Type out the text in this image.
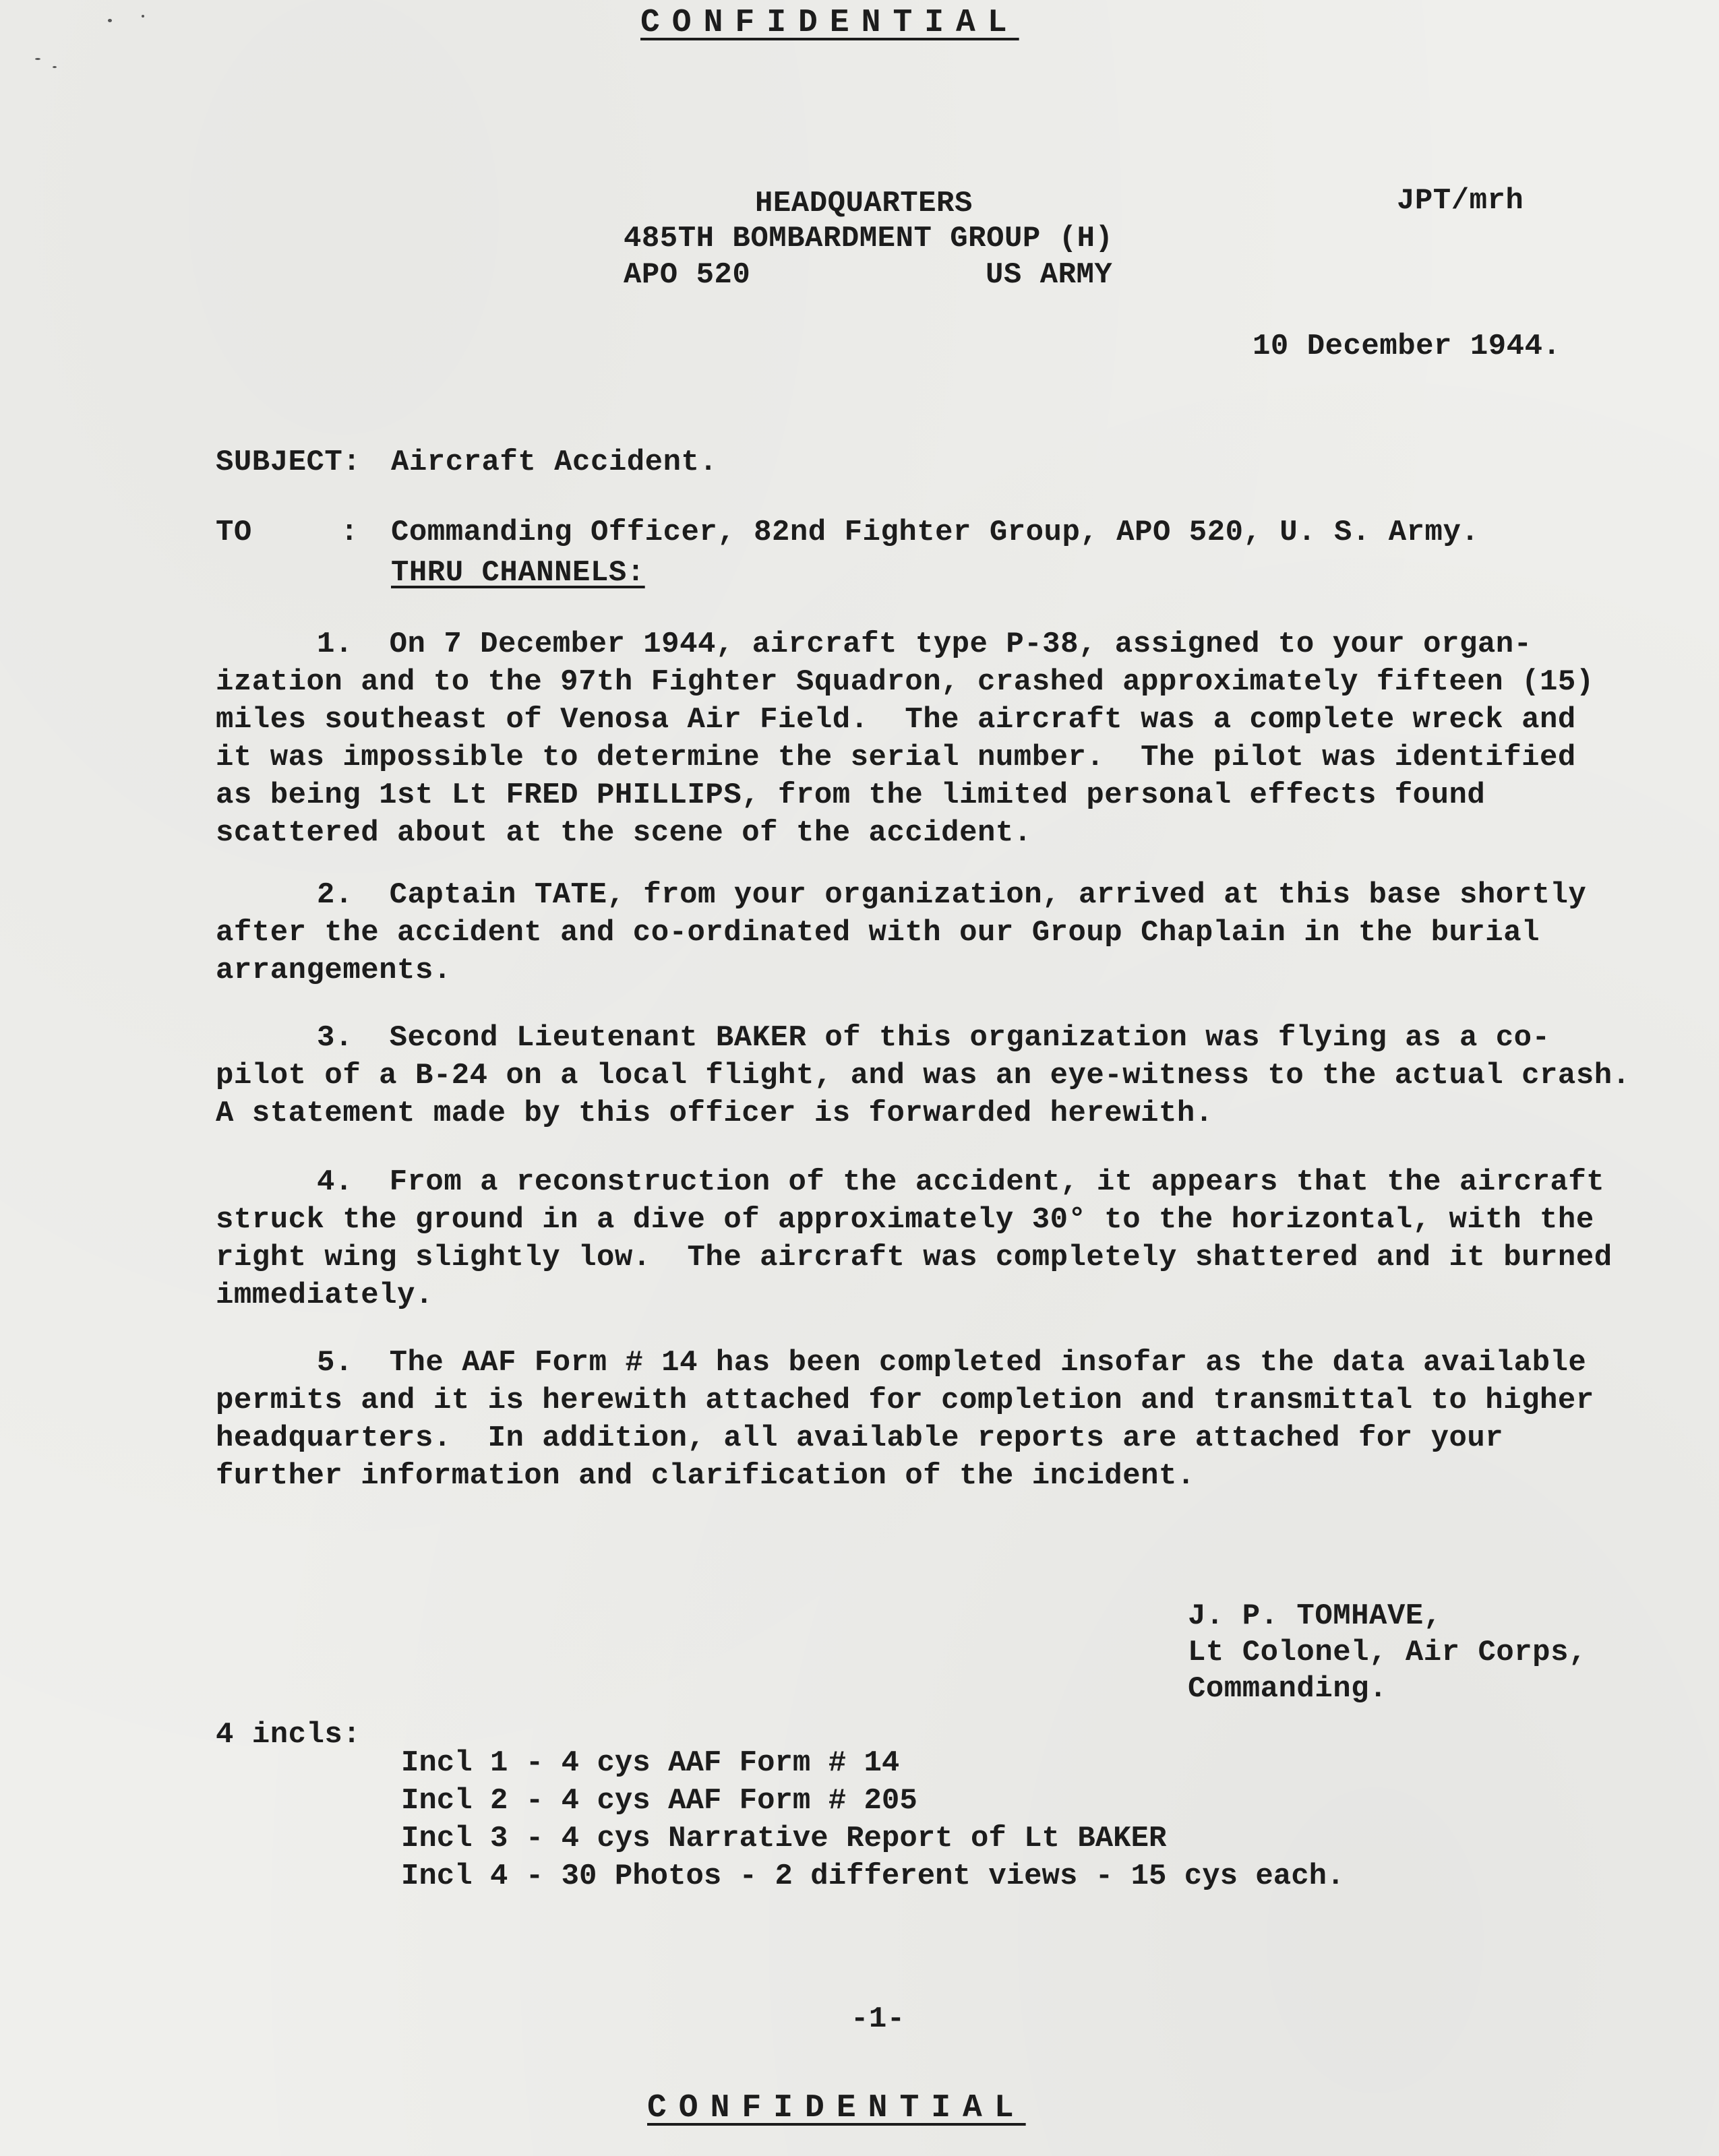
CONFIDENTIAL
HEADQUARTERS
485TH BOMBARDMENT GROUP (H)
APO 520	US ARMY
JPT/mrh
10 December 1944.
SUBJECT: Aircraft Accident.
TO	: Commanding Officer, 82nd Fighter Group, APO 520, U. S. Army.
THRU CHANNELS:
1.  On 7 December 1944, aircraft type P-38, assigned to your organ-
ization and to the 97th Fighter Squadron, crashed approximately fifteen (15)
miles southeast of Venosa Air Field.  The aircraft was a complete wreck and
it was impossible to determine the serial number.  The pilot was identified
as being 1st Lt FRED PHILLIPS, from the limited personal effects found
scattered about at the scene of the accident.
2.  Captain TATE, from your organization, arrived at this base shortly
after the accident and co-ordinated with our Group Chaplain in the burial
arrangements.
3.  Second Lieutenant BAKER of this organization was flying as a co-
pilot of a B-24 on a local flight, and was an eye-witness to the actual crash.
A statement made by this officer is forwarded herewith.
4.  From a reconstruction of the accident, it appears that the aircraft
struck the ground in a dive of approximately 30° to the horizontal, with the
right wing slightly low.  The aircraft was completely shattered and it burned
immediately.
5.  The AAF Form # 14 has been completed insofar as the data available
permits and it is herewith attached for completion and transmittal to higher
headquarters.  In addition, all available reports are attached for your
further information and clarification of the incident.
J. P. TOMHAVE,
Lt Colonel, Air Corps,
Commanding.
4 incls:
Incl 1 - 4 cys AAF Form # 14
Incl 2 - 4 cys AAF Form # 205
Incl 3 - 4 cys Narrative Report of Lt BAKER
Incl 4 - 30 Photos - 2 different views - 15 cys each.
-1-
CONFIDENTIAL
